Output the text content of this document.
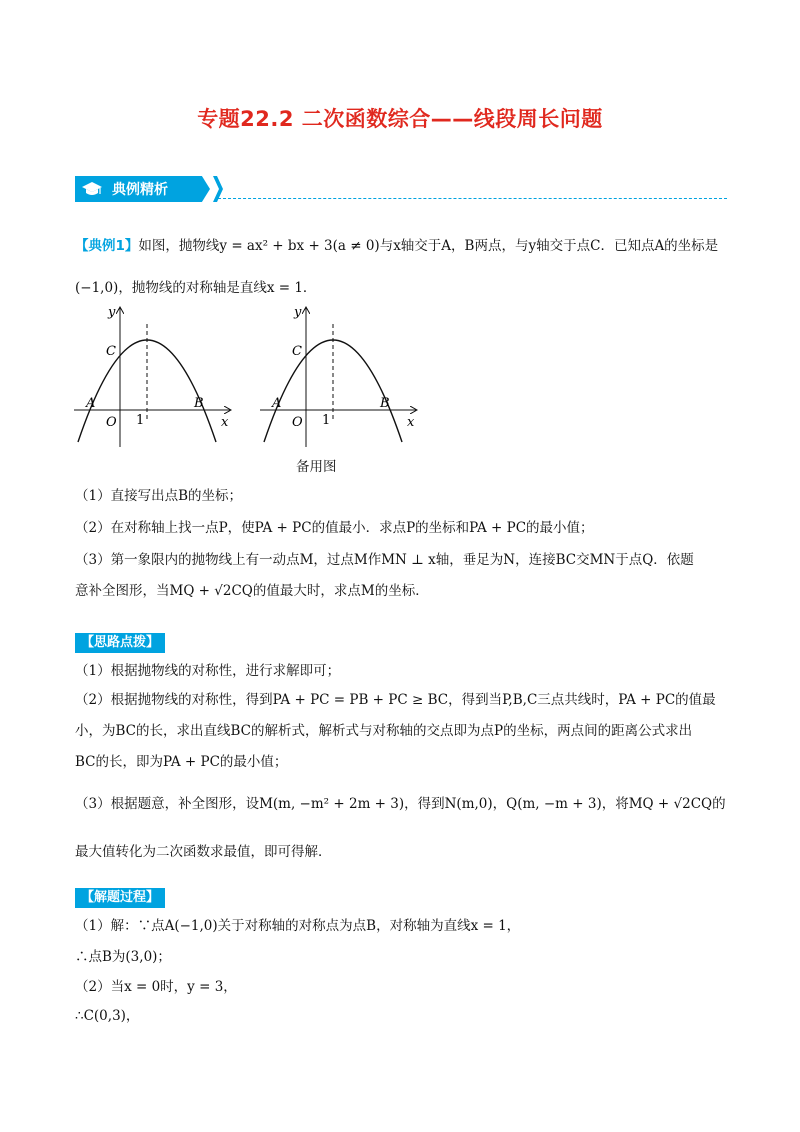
专题22.2 二次函数综合——线段周长问题
典例精析
【典例1】如图，抛物线y = ax² + bx + 3(a ≠ 0)与x轴交于A，B两点，与y轴交于点C．已知点A的坐标是
(−1,0)，抛物线的对称轴是直线x = 1．
y
x
C
A	B
O 1
y
x
C
A	B
O 1
备用图
（1）直接写出点B的坐标；
（2）在对称轴上找一点P，使PA + PC的值最小．求点P的坐标和PA + PC的最小值；
（3）第一象限内的抛物线上有一动点M，过点M作MN ⊥ x轴，垂足为N，连接BC交MN于点Q．依题
意补全图形，当MQ + √2CQ的值最大时，求点M的坐标．
【思路点拨】
（1）根据抛物线的对称性，进行求解即可；
（2）根据抛物线的对称性，得到PA + PC = PB + PC ≥ BC，得到当P,B,C三点共线时，PA + PC的值最
小，为BC的长，求出直线BC的解析式，解析式与对称轴的交点即为点P的坐标，两点间的距离公式求出
BC的长，即为PA + PC的最小值；
（3）根据题意，补全图形，设M(m, −m² + 2m + 3)，得到N(m,0)，Q(m, −m + 3)，将MQ + √2CQ的
最大值转化为二次函数求最值，即可得解．
【解题过程】
（1）解：∵点A(−1,0)关于对称轴的对称点为点B，对称轴为直线x = 1，
∴点B为(3,0)；
（2）当x = 0时，y = 3，
∴C(0,3)，
